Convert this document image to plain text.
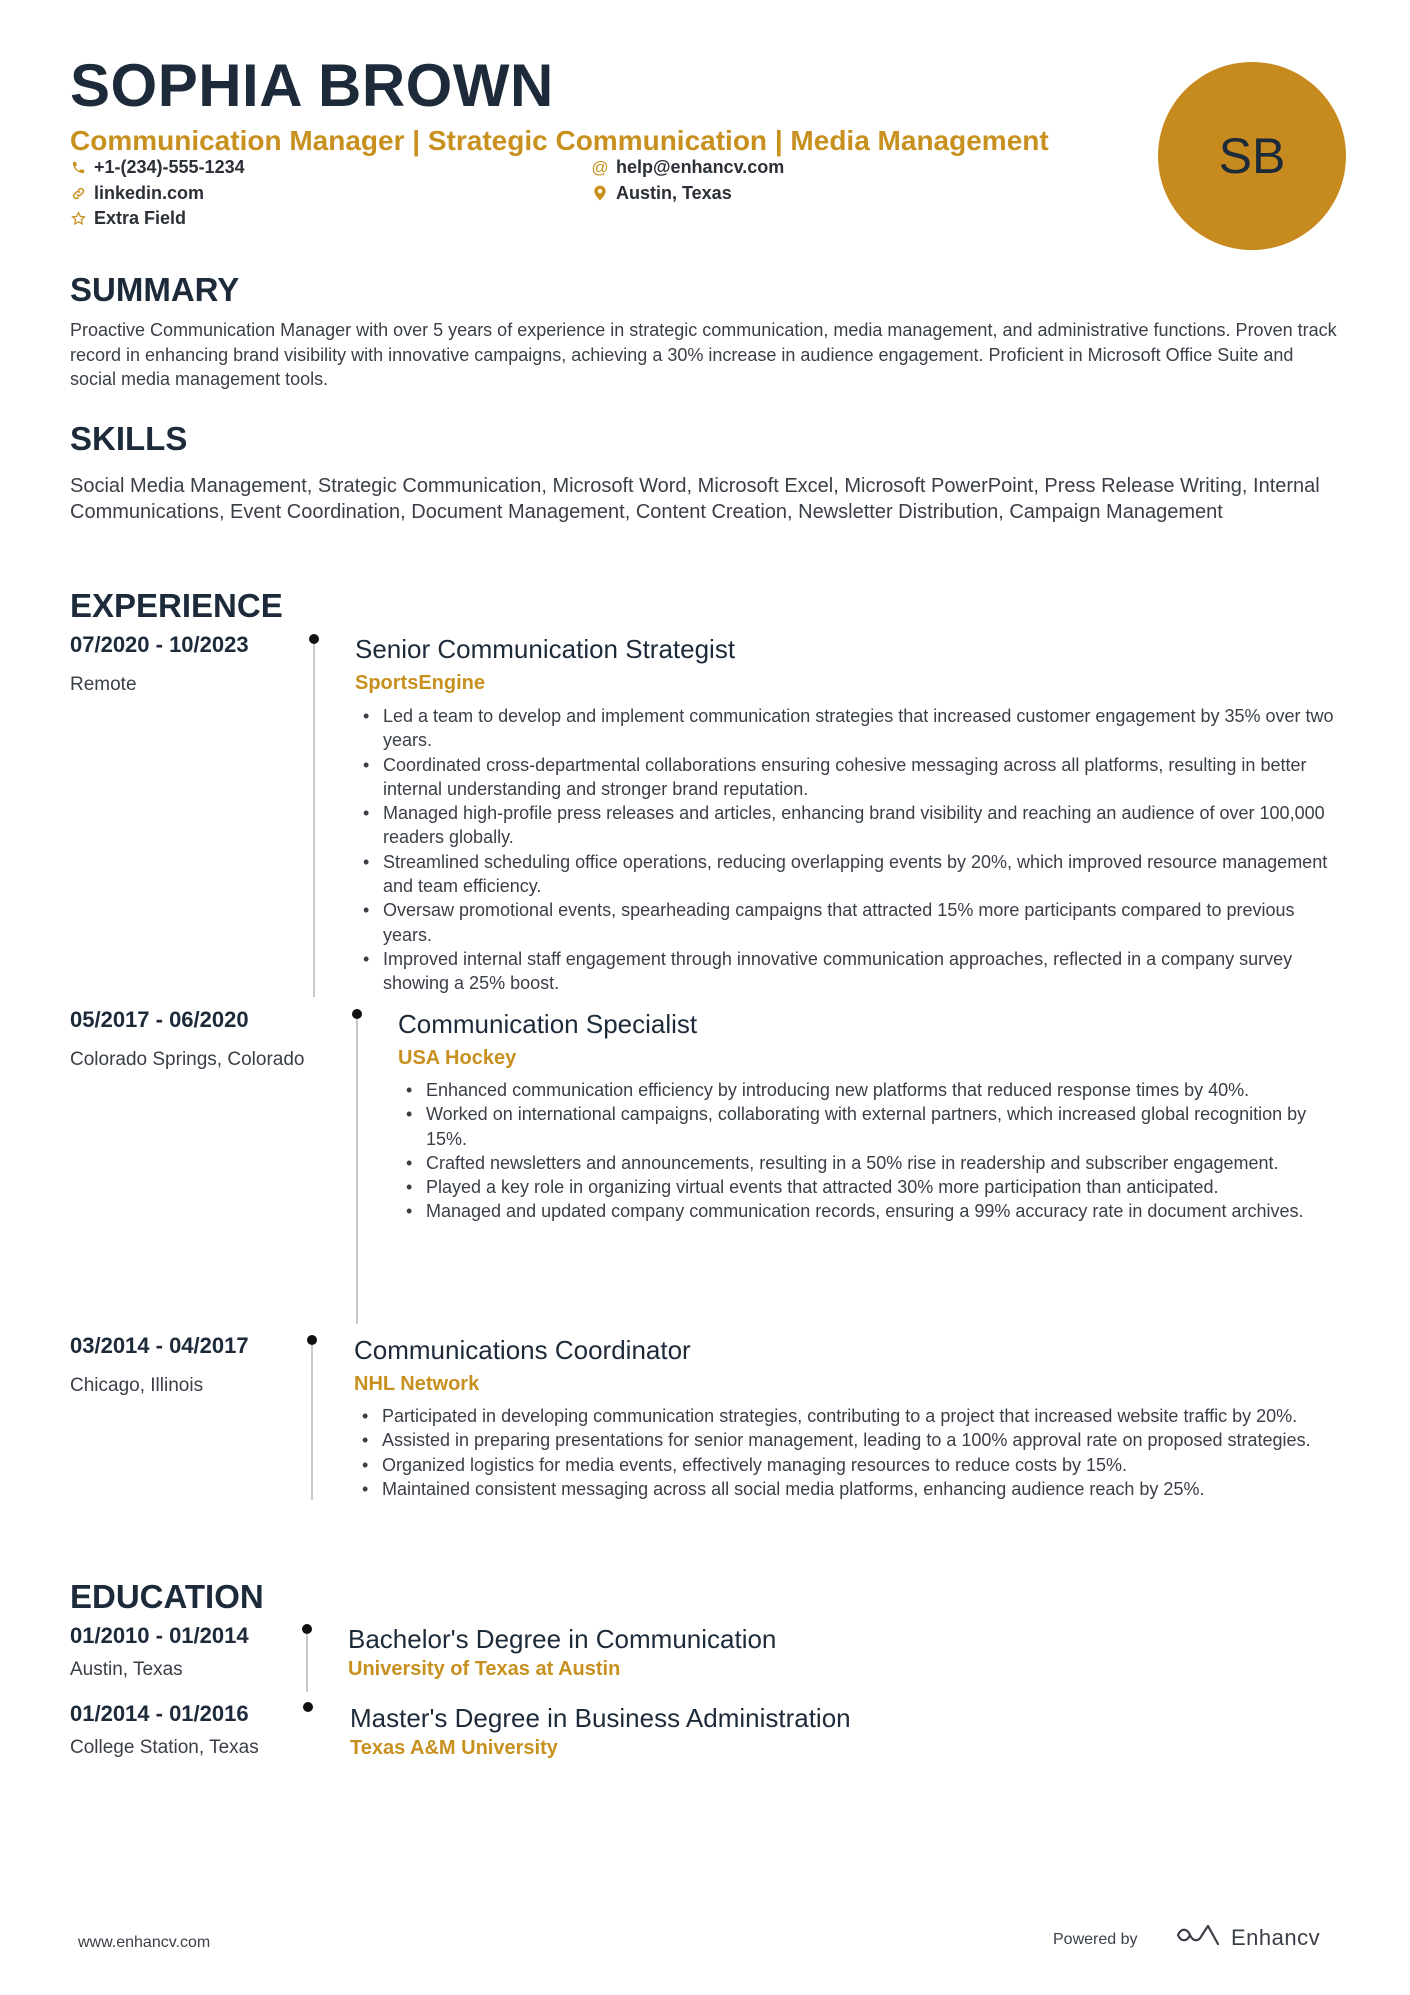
SOPHIA BROWN
Communication Manager | Strategic Communication | Media Management
+1-(234)-555-1234	@ help@enhancv.com
linkedin.com	Austin, Texas
Extra Field
SB
SUMMARY
Proactive Communication Manager with over 5 years of experience in strategic communication, media management, and administrative functions. Proven track record in enhancing brand visibility with innovative campaigns, achieving a 30% increase in audience engagement. Proficient in Microsoft Office Suite and social media management tools.
SKILLS
Social Media Management, Strategic Communication, Microsoft Word, Microsoft Excel, Microsoft PowerPoint, Press Release Writing, Internal Communications, Event Coordination, Document Management, Content Creation, Newsletter Distribution, Campaign Management
EXPERIENCE
07/2020 - 10/2023
Remote
Senior Communication Strategist
SportsEngine
• Led a team to develop and implement communication strategies that increased customer engagement by 35% over two years.
• Coordinated cross-departmental collaborations ensuring cohesive messaging across all platforms, resulting in better internal understanding and stronger brand reputation.
• Managed high-profile press releases and articles, enhancing brand visibility and reaching an audience of over 100,000 readers globally.
• Streamlined scheduling office operations, reducing overlapping events by 20%, which improved resource management and team efficiency.
• Oversaw promotional events, spearheading campaigns that attracted 15% more participants compared to previous years.
• Improved internal staff engagement through innovative communication approaches, reflected in a company survey showing a 25% boost.
05/2017 - 06/2020
Colorado Springs, Colorado
Communication Specialist
USA Hockey
• Enhanced communication efficiency by introducing new platforms that reduced response times by 40%.
• Worked on international campaigns, collaborating with external partners, which increased global recognition by 15%.
• Crafted newsletters and announcements, resulting in a 50% rise in readership and subscriber engagement.
• Played a key role in organizing virtual events that attracted 30% more participation than anticipated.
• Managed and updated company communication records, ensuring a 99% accuracy rate in document archives.
03/2014 - 04/2017
Chicago, Illinois
Communications Coordinator
NHL Network
• Participated in developing communication strategies, contributing to a project that increased website traffic by 20%.
• Assisted in preparing presentations for senior management, leading to a 100% approval rate on proposed strategies.
• Organized logistics for media events, effectively managing resources to reduce costs by 15%.
• Maintained consistent messaging across all social media platforms, enhancing audience reach by 25%.
EDUCATION
01/2010 - 01/2014
Austin, Texas
Bachelor's Degree in Communication
University of Texas at Austin
01/2014 - 01/2016
College Station, Texas
Master's Degree in Business Administration
Texas A&M University
www.enhancv.com	Powered by	Enhancv
